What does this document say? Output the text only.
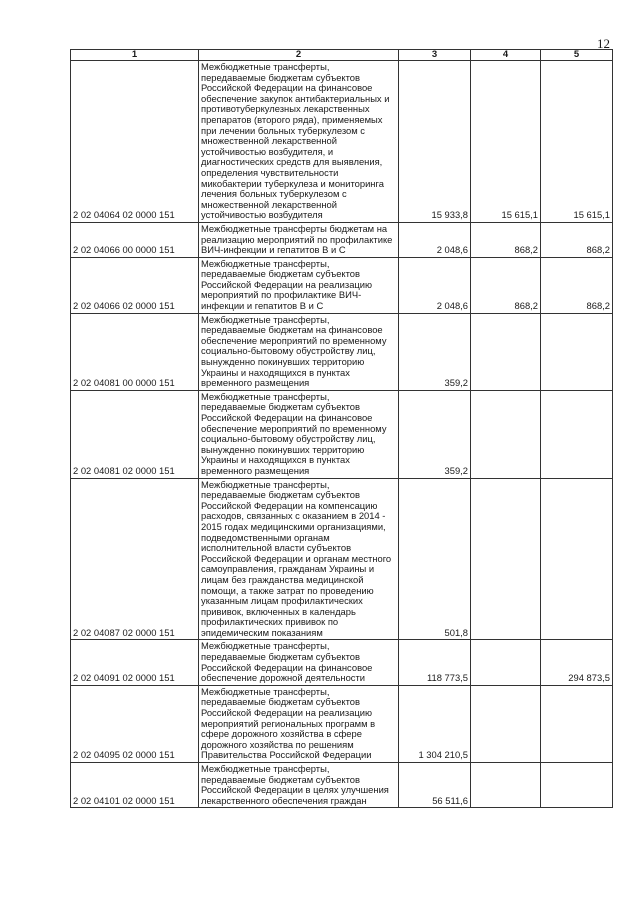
12
1	2	3	4	5
2 02 04064 02 0000 151	Межбюджетные трансферты, передаваемые бюджетам субъектов Российской Федерации на финансовое обеспечение закупок антибактериальных и противотуберкулезных лекарственных препаратов (второго ряда), применяемых при лечении больных туберкулезом с множественной лекарственной устойчивостью возбудителя, и диагностических средств для выявления, определения чувствительности микобактерии туберкулеза и мониторинга лечения больных туберкулезом с множественной лекарственной устойчивостью возбудителя	15 933,8	15 615,1	15 615,1
2 02 04066 00 0000 151	Межбюджетные трансферты бюджетам на реализацию мероприятий по профилактике ВИЧ-инфекции и гепатитов В и С	2 048,6	868,2	868,2
2 02 04066 02 0000 151	Межбюджетные трансферты, передаваемые бюджетам субъектов Российской Федерации на реализацию мероприятий по профилактике ВИЧ-инфекции и гепатитов В и С	2 048,6	868,2	868,2
2 02 04081 00 0000 151	Межбюджетные трансферты, передаваемые бюджетам на финансовое обеспечение мероприятий по временному социально-бытовому обустройству лиц, вынужденно покинувших территорию Украины и находящихся в пунктах временного размещения	359,2		
2 02 04081 02 0000 151	Межбюджетные трансферты, передаваемые бюджетам субъектов Российской Федерации на финансовое обеспечение мероприятий по временному социально-бытовому обустройству лиц, вынужденно покинувших территорию Украины и находящихся в пунктах временного размещения	359,2		
2 02 04087 02 0000 151	Межбюджетные трансферты, передаваемые бюджетам субъектов Российской Федерации на компенсацию расходов, связанных с оказанием в 2014 - 2015 годах медицинскими организациями, подведомственными органам исполнительной власти субъектов Российской Федерации и органам местного самоуправления, гражданам Украины и лицам без гражданства медицинской помощи, а также затрат по проведению указанным лицам профилактических прививок, включенных в календарь профилактических прививок по эпидемическим показаниям	501,8		
2 02 04091 02 0000 151	Межбюджетные трансферты, передаваемые бюджетам субъектов Российской Федерации на финансовое обеспечение дорожной деятельности	118 773,5		294 873,5
2 02 04095 02 0000 151	Межбюджетные трансферты, передаваемые бюджетам субъектов Российской Федерации на реализацию мероприятий региональных программ в сфере дорожного хозяйства в сфере дорожного хозяйства по решениям Правительства Российской Федерации	1 304 210,5		
2 02 04101 02 0000 151	Межбюджетные трансферты, передаваемые бюджетам субъектов Российской Федерации в целях улучшения лекарственного обеспечения граждан	56 511,6		
